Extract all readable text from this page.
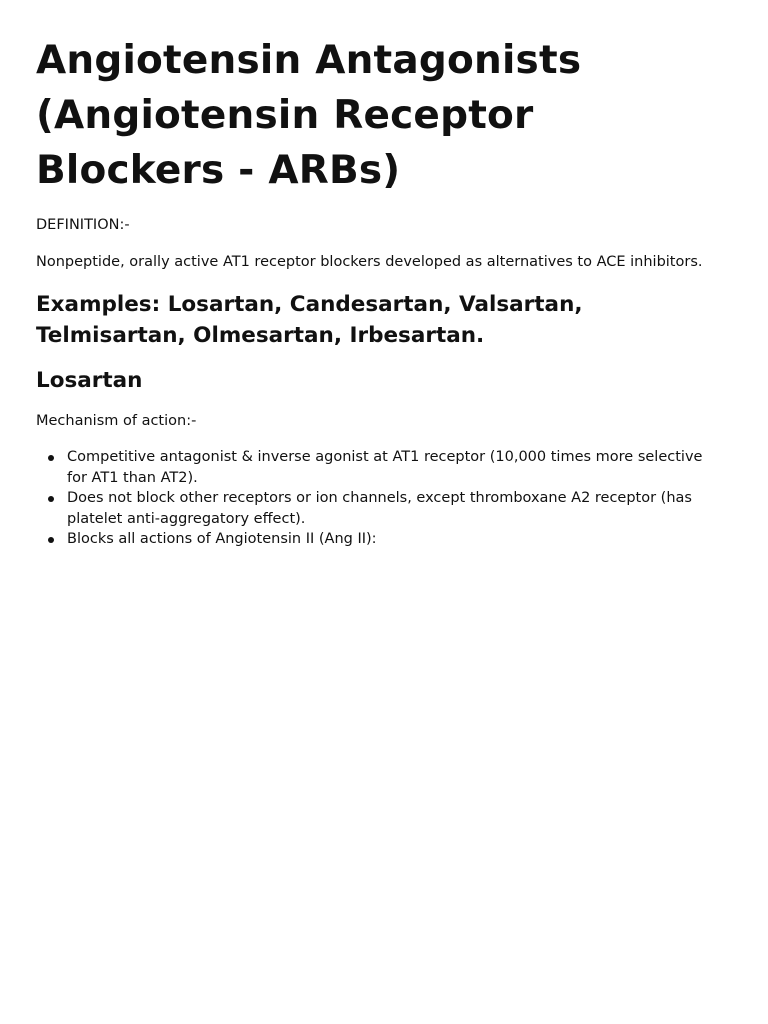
Angiotensin Antagonists (Angiotensin Receptor Blockers - ARBs)

DEFINITION:-

Nonpeptide, orally active AT1 receptor blockers developed as alternatives to ACE inhibitors.

Examples: Losartan, Candesartan, Valsartan, Telmisartan, Olmesartan, Irbesartan.
Losartan

Mechanism of action:-

Competitive antagonist & inverse agonist at AT1 receptor (10,000 times more selective for AT1 than AT2).
Does not block other receptors or ion channels, except thromboxane A2 receptor (has platelet anti-aggregatory effect).
Blocks all actions of Angiotensin II (Ang II):
